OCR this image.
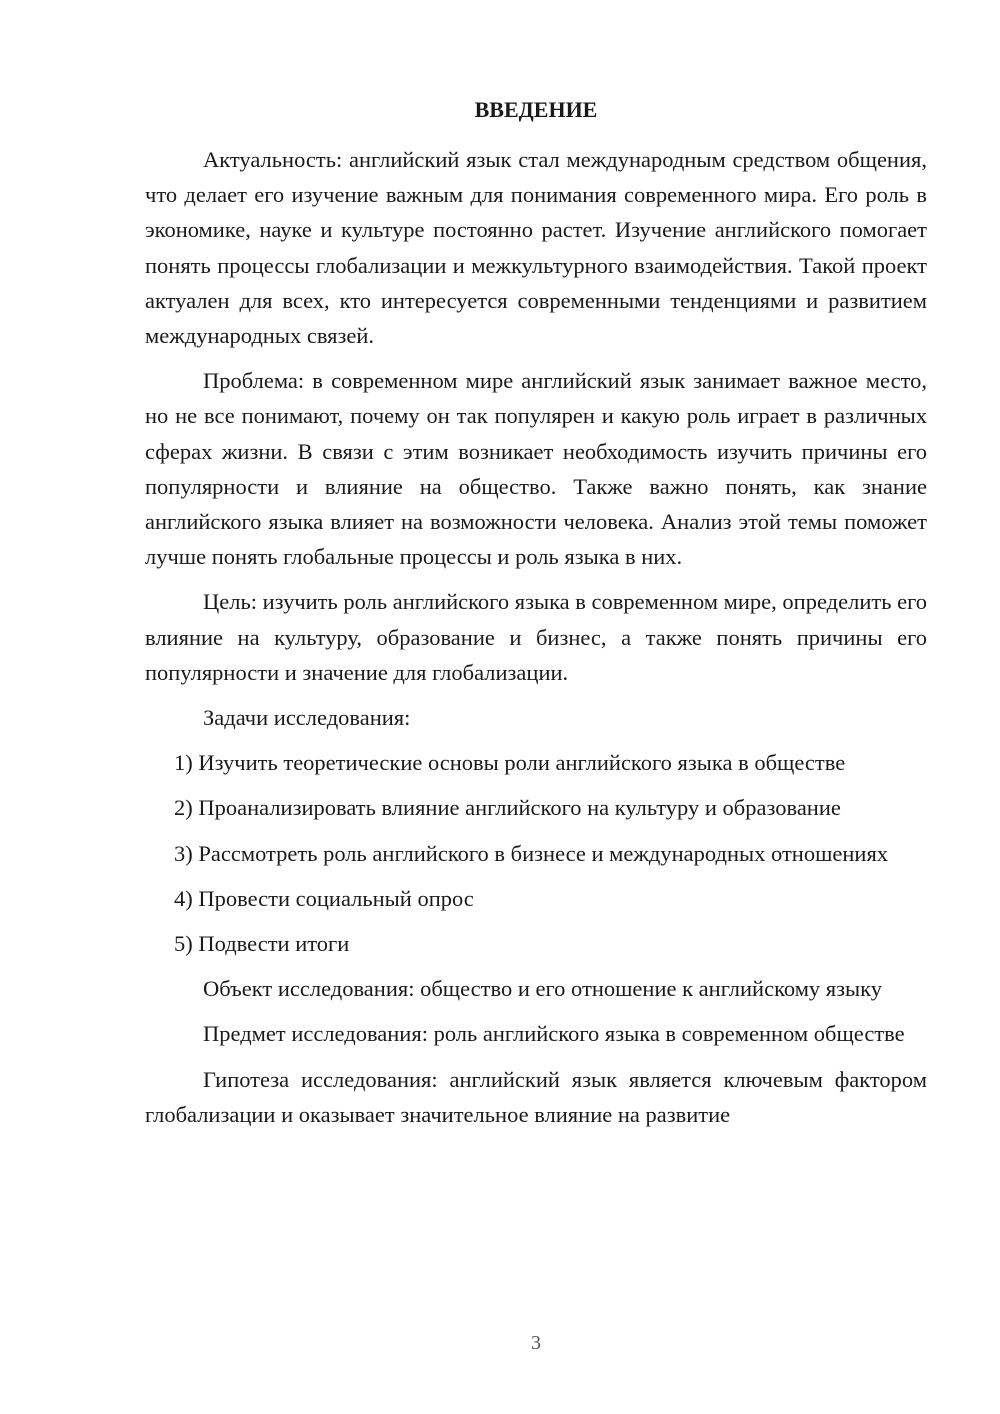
ВВЕДЕНИЕ

Актуальность: английский язык стал международным средством общения, что делает его изучение важным для понимания современного мира. Его роль в экономике, науке и культуре постоянно растет. Изучение английского помогает понять процессы глобализации и межкультурного взаимодействия. Такой проект актуален для всех, кто интересуется современными тенденциями и развитием международных связей.

Проблема: в современном мире английский язык занимает важное место, но не все понимают, почему он так популярен и какую роль играет в различных сферах жизни. В связи с этим возникает необходимость изучить причины его популярности и влияние на общество. Также важно понять, как знание английского языка влияет на возможности человека. Анализ этой темы поможет лучше понять глобальные процессы и роль языка в них.

Цель: изучить роль английского языка в современном мире, определить его влияние на культуру, образование и бизнес, а также понять причины его популярности и значение для глобализации.

Задачи исследования:

1) Изучить теоретические основы роли английского языка в обществе

2) Проанализировать влияние английского на культуру и образование

3) Рассмотреть роль английского в бизнесе и международных отношениях

4) Провести социальный опрос

5) Подвести итоги

Объект исследования: общество и его отношение к английскому языку

Предмет исследования: роль английского языка в современном обществе

Гипотеза исследования: английский язык является ключевым фактором глобализации и оказывает значительное влияние на развитие

3
